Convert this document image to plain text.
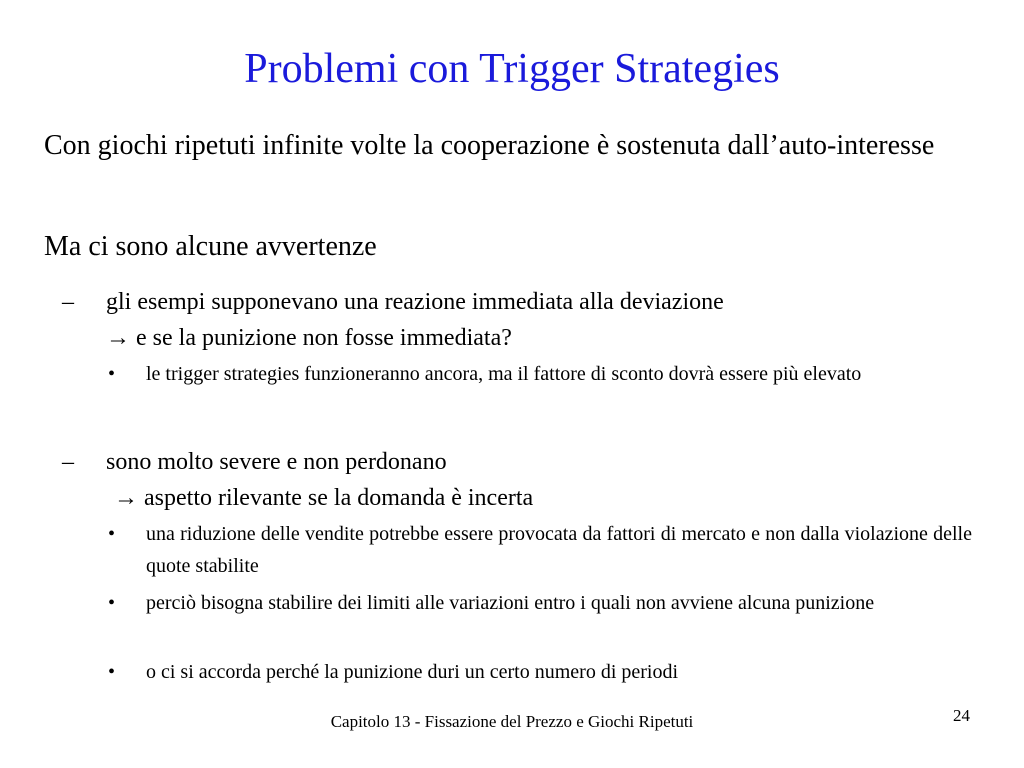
Problemi con Trigger Strategies
Con giochi ripetuti infinite volte la cooperazione è sostenuta dall’auto-interesse
Ma ci sono alcune avvertenze
– gli esempi supponevano una reazione immediata alla deviazione
→ e se la punizione non fosse immediata?
• le trigger strategies funzioneranno ancora, ma il fattore di sconto dovrà essere più elevato
– sono molto severe e non perdonano
→ aspetto rilevante se la domanda è incerta
• una riduzione delle vendite potrebbe essere provocata da fattori di mercato e non dalla violazione delle quote stabilite
• perciò bisogna stabilire dei limiti alle variazioni entro i quali non avviene alcuna punizione
• o ci si accorda perché la punizione duri un certo numero di periodi
Capitolo 13 - Fissazione del Prezzo e Giochi Ripetuti	24
